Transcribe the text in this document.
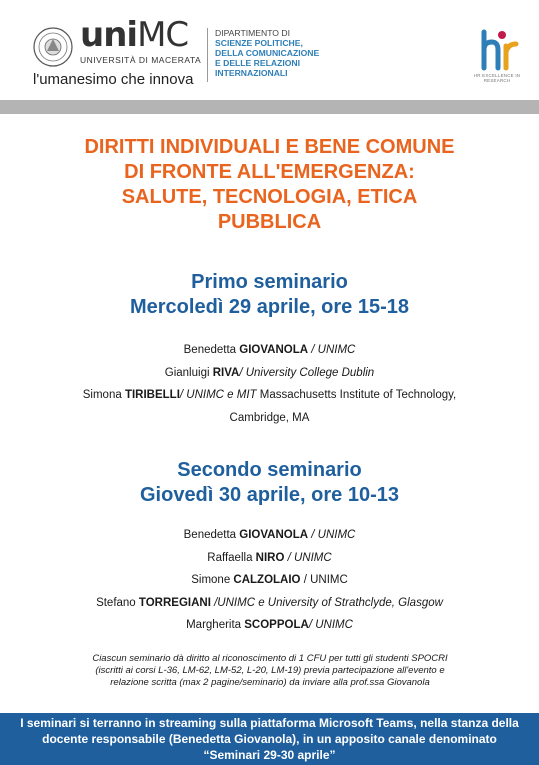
uniMC
UNIVERSITÀ DI MACERATA
l'umanesimo che innova
DIPARTIMENTO DI
SCIENZE POLITICHE,
DELLA COMUNICAZIONE
E DELLE RELAZIONI
INTERNAZIONALI	HR EXCELLENCE IN RESEARCH
DIRITTI INDIVIDUALI E BENE COMUNE
DI FRONTE ALL'EMERGENZA:
SALUTE, TECNOLOGIA, ETICA
PUBBLICA
Primo seminario
Mercoledì 29 aprile, ore 15-18
Benedetta GIOVANOLA / UNIMC
Gianluigi RIVA/ University College Dublin
Simona TIRIBELLI/ UNIMC e MIT Massachusetts Institute of Technology,
Cambridge, MA
Secondo seminario
Giovedì 30 aprile, ore 10-13
Benedetta GIOVANOLA / UNIMC
Raffaella NIRO / UNIMC
Simone CALZOLAIO / UNIMC
Stefano TORREGIANI /UNIMC e University of Strathclyde, Glasgow
Margherita SCOPPOLA/ UNIMC
Ciascun seminario dà diritto al riconoscimento di 1 CFU per tutti gli studenti SPOCRI
(iscritti ai corsi L-36, LM-62, LM-52, L-20, LM-19) previa partecipazione all'evento e
relazione scritta (max 2 pagine/seminario) da inviare alla prof.ssa Giovanola
I seminari si terranno in streaming sulla piattaforma Microsoft Teams, nella stanza della
docente responsabile (Benedetta Giovanola), in un apposito canale denominato
“Seminari 29-30 aprile”
